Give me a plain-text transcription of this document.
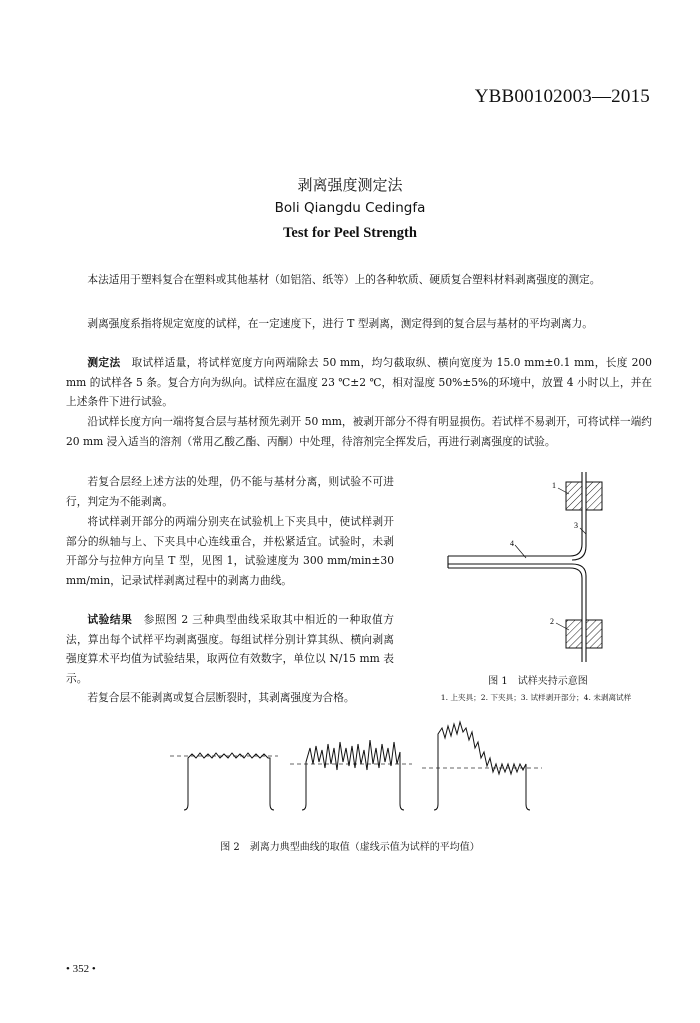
YBB00102003—2015
剥离强度测定法
Boli Qiangdu Cedingfa
Test for Peel Strength

本法适用于塑料复合在塑料或其他基材（如铝箔、纸等）上的各种软质、硬质复合塑料材料剥离强度的测定。

剥离强度系指将规定宽度的试样，在一定速度下，进行 T 型剥离，测定得到的复合层与基材的平均剥离力。

测定法　 取试样适量，将试样宽度方向两端除去 50 mm，均匀截取纵、横向宽度为 15.0 mm±0.1 mm，长度 200 mm 的试样各 5 条。复合方向为纵向。试样应在温度 23 ℃±2 ℃，相对湿度 50%±5%的环境中，放置 4 小时以上，并在上述条件下进行试验。

沿试样长度方向一端将复合层与基材预先剥开 50 mm，被剥开部分不得有明显损伤。若试样不易剥开，可将试样一端约 20 mm 浸入适当的溶剂（常用乙酸乙酯、丙酮）中处理，待溶剂完全挥发后，再进行剥离强度的试验。

若复合层经上述方法的处理，仍不能与基材分离，则试验不可进行，判定为不能剥离。

将试样剥开部分的两端分别夹在试验机上下夹具中，使试样剥开部分的纵轴与上、下夹具中心连线重合，并松紧适宜。试验时，未剥开部分与拉伸方向呈 T 型，见图 1，试验速度为 300 mm/min±30 mm/min，记录试样剥离过程中的剥离力曲线。

试验结果　 参照图 2 三种典型曲线采取其中相近的一种取值方法，算出每个试样平均剥离强度。每组试样分别计算其纵、横向剥离强度算术平均值为试验结果，取两位有效数字，单位以 N/15 mm 表示。

若复合层不能剥离或复合层断裂时，其剥离强度为合格。

1
2
3
4
图 1　试样夹持示意图
1. 上夹具；2. 下夹具；3. 试样剥开部分；4. 未剥离试样
图 2　剥离力典型曲线的取值（虚线示值为试样的平均值）
• 352 •
